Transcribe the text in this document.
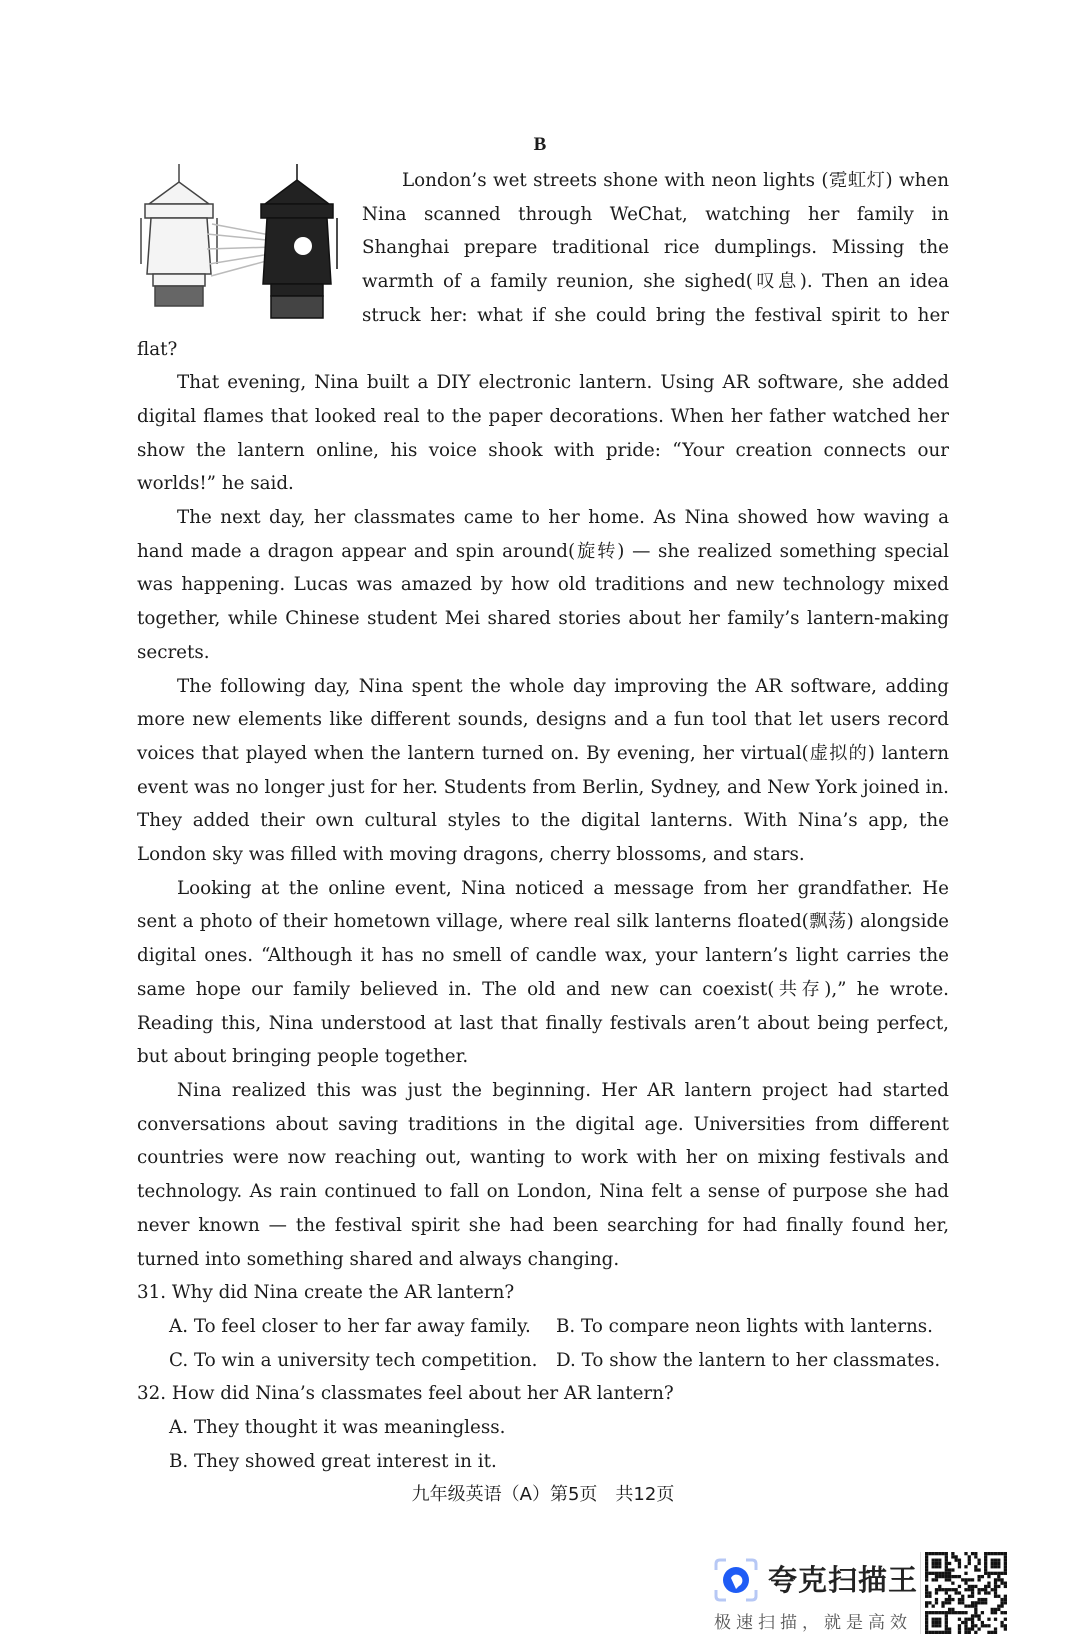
B

London’s wet streets shone with neon lights (霓虹灯) when Nina scanned through WeChat, watching her family in Shanghai prepare traditional rice dumplings. Missing the warmth of a family reunion, she sighed(叹息). Then an idea struck her: what if she could bring the festival spirit to her flat?

That evening, Nina built a DIY electronic lantern. Using AR software, she added digital flames that looked real to the paper decorations. When her father watched her show the lantern online, his voice shook with pride: “Your creation connects our worlds!” he said.

The next day, her classmates came to her home. As Nina showed how waving a hand made a dragon appear and spin around(旋转) — she realized something special was happening. Lucas was amazed by how old traditions and new technology mixed together, while Chinese student Mei shared stories about her family’s lantern-making secrets.

The following day, Nina spent the whole day improving the AR software, adding more new elements like different sounds, designs and a fun tool that let users record voices that played when the lantern turned on. By evening, her virtual(虚拟的) lantern event was no longer just for her. Students from Berlin, Sydney, and New York joined in. They added their own cultural styles to the digital lanterns. With Nina’s app, the London sky was filled with moving dragons, cherry blossoms, and stars.

Looking at the online event, Nina noticed a message from her grandfather. He sent a photo of their hometown village, where real silk lanterns floated(飘荡) alongside digital ones. “Although it has no smell of candle wax, your lantern’s light carries the same hope our family believed in. The old and new can coexist(共存),” he wrote. Reading this, Nina understood at last that finally festivals aren’t about being perfect, but about bringing people together.

Nina realized this was just the beginning. Her AR lantern project had started conversations about saving traditions in the digital age. Universities from different countries were now reaching out, wanting to work with her on mixing festivals and technology. As rain continued to fall on London, Nina felt a sense of purpose she had never known — the festival spirit she had been searching for had finally found her, turned into something shared and always changing.

31. Why did Nina create the AR lantern?
A. To feel closer to her far away family.	B. To compare neon lights with lanterns.
C. To win a university tech competition.	D. To show the lantern to her classmates.
32. How did Nina’s classmates feel about her AR lantern?
A. They thought it was meaningless.
B. They showed great interest in it.
九年级英语（A）第5页　共12页
夸克扫描王
极速扫描，就是高效
